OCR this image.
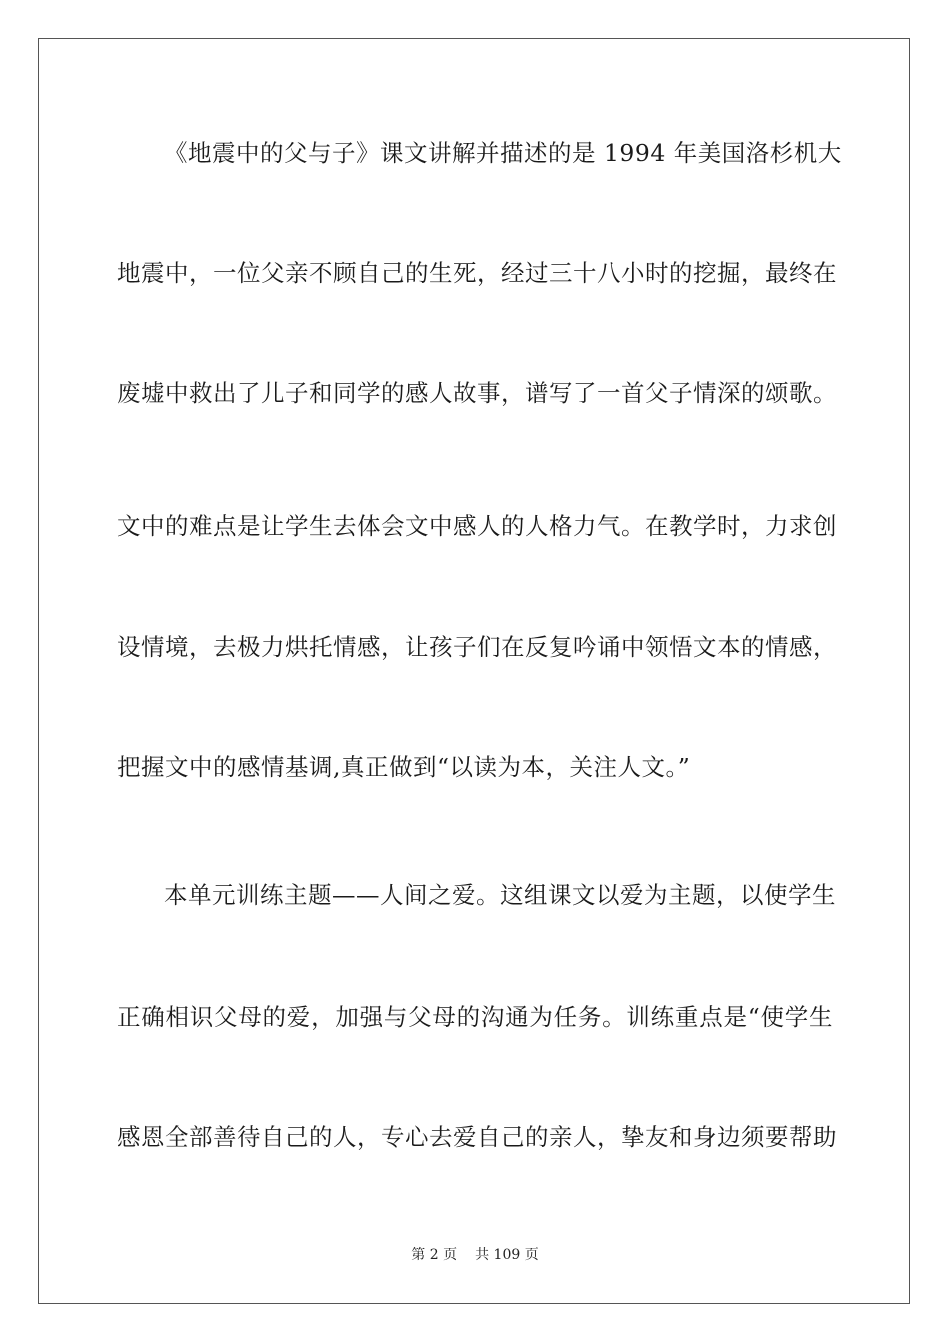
《地震中的父与子》课文讲解并描述的是 1994 年美国洛杉机大
地震中，一位父亲不顾自己的生死，经过三十八小时的挖掘，最终在
废墟中救出了儿子和同学的感人故事，谱写了一首父子情深的颂歌。
文中的难点是让学生去体会文中感人的人格力气。在教学时，力求创
设情境，去极力烘托情感，让孩子们在反复吟诵中领悟文本的情感，
把握文中的感情基调,真正做到“以读为本，关注人文。”
本单元训练主题——人间之爱。这组课文以爱为主题，以使学生
正确相识父母的爱，加强与父母的沟通为任务。训练重点是“使学生
感恩全部善待自己的人，专心去爱自己的亲人，挚友和身边须要帮助
第 2 页 共 109 页
